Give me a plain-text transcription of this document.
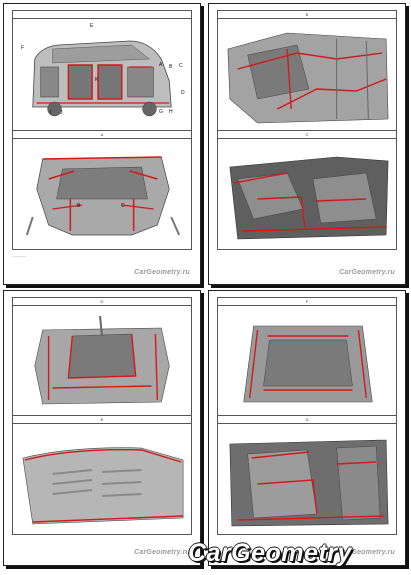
E
F
A B C
K
D
I J	G H
A
B	C
~~~~~~~~
CarGeometry.ru
B
C
CarGeometry.ru
D
E
CarGeometry.ru
F
G
CarGeometry.ru
CarGeometry
